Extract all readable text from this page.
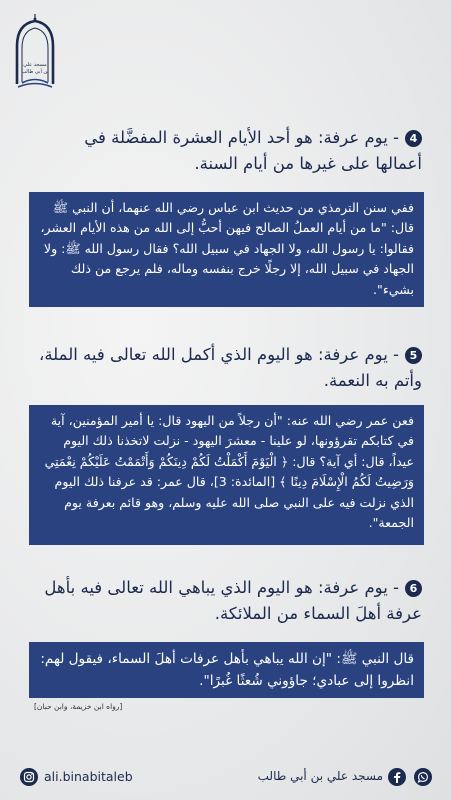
مسجد علي بن أبي طالب
4- يوم عرفة: هو أحد الأيام العشرة المفضَّلة في أعمالها على غيرها من أيام السنة.

ففي سنن الترمذي من حديث ابن عباس رضي الله عنهما، أن النبي ﷺ قال: "ما من أيام العملُ الصالح فيهن أحبُّ إلى الله من هذه الأيام العشر، فقالوا: يا رسول الله، ولا الجهاد في سبيل الله؟ فقال رسول الله ﷺ: ولا الجهاد في سبيل الله، إلا رجلًا خرج بنفسه وماله، فلم يرجع من ذلك بشيء".

5- يوم عرفة: هو اليوم الذي أكمل الله تعالى فيه الملة، وأتم به النعمة.

فعن عمر رضي الله عنه: "أن رجلاً من اليهود قال: يا أمير المؤمنين، آية في كتابكم تقرؤونها، لو علينا - معشرَ اليهود - نزلت لاتخذنا ذلك اليوم عيداً، قال: أي آية؟ قال: ﴿ الْيَوْمَ أَكْمَلْتُ لَكُمْ دِينَكُمْ وَأَتْمَمْتُ عَلَيْكُمْ نِعْمَتِي وَرَضِيتُ لَكُمُ الْإِسْلَامَ دِينًا ﴾ [المائدة: 3]، قال عمر: قد عرفنا ذلك اليوم الذي نزلت فيه على النبي صلى الله عليه وسلم، وهو قائم بعرفة يوم الجمعة".

6- يوم عرفة: هو اليوم الذي يباهي الله تعالى فيه بأهل عرفة أهلَ السماء من الملائكة.

قال النبي ﷺ: "إن الله يباهي بأهل عرفات أهلَ السماء، فيقول لهم: انظروا إلى عبادي؛ جاؤوني شُعثًا غُبرًا".

[رواه ابن خزيمة، وابن حبان]
ali.binabitaleb	مسجد علي بن أبي طالب
